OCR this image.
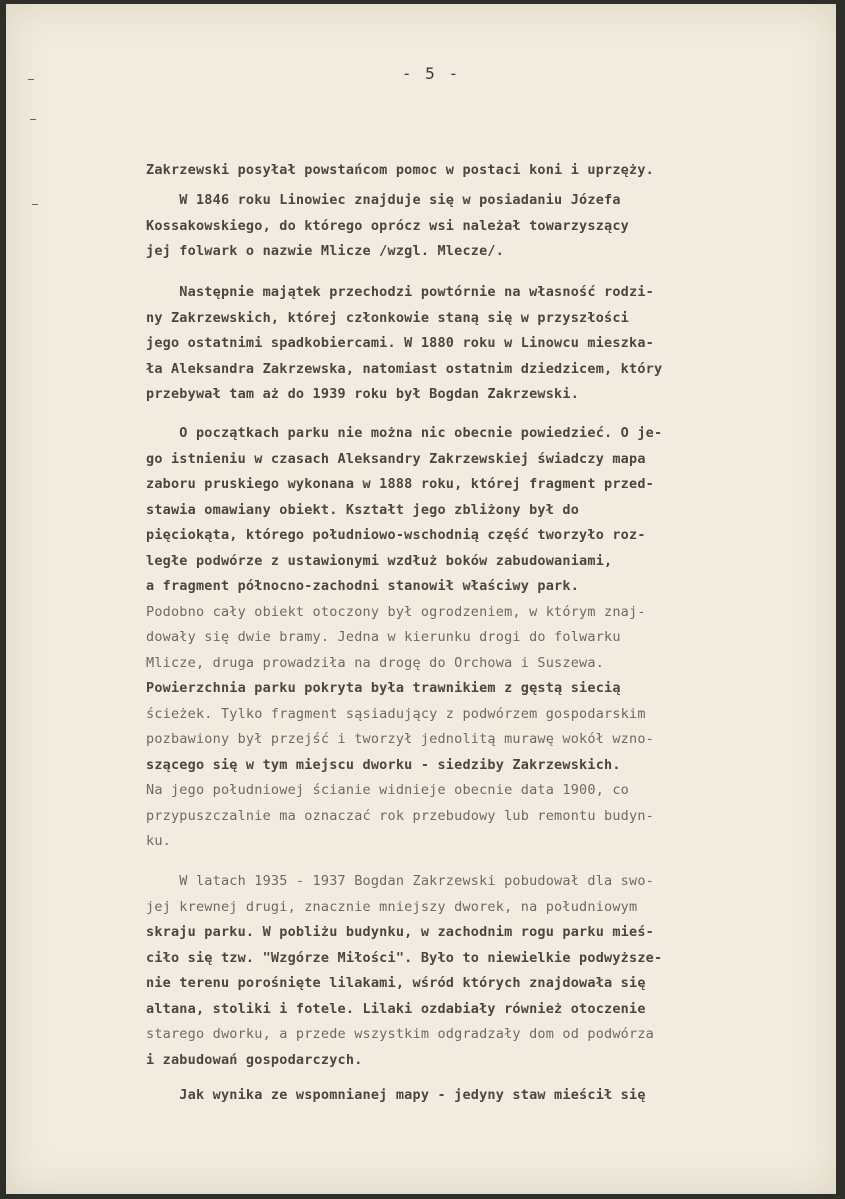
- 5 -
Zakrzewski posyłał powstańcom pomoc w postaci koni i uprzęży.
W 1846 roku Linowiec znajduje się w posiadaniu Józefa
Kossakowskiego, do którego oprócz wsi należał towarzyszący
jej folwark o nazwie Mlicze /wzgl. Mlecze/.
Następnie majątek przechodzi powtórnie na własność rodzi-
ny Zakrzewskich, której członkowie staną się w przyszłości
jego ostatnimi spadkobiercami. W 1880 roku w Linowcu mieszka-
ła Aleksandra Zakrzewska, natomiast ostatnim dziedzicem, który
przebywał tam aż do 1939 roku był Bogdan Zakrzewski.
O początkach parku nie można nic obecnie powiedzieć. O je-
go istnieniu w czasach Aleksandry Zakrzewskiej świadczy mapa
zaboru pruskiego wykonana w 1888 roku, której fragment przed-
stawia omawiany obiekt. Kształt jego zbliżony był do
pięciokąta, którego południowo-wschodnią część tworzyło roz-
ległe podwórze z ustawionymi wzdłuż boków zabudowaniami,
a fragment północno-zachodni stanowił właściwy park.
Podobno cały obiekt otoczony był ogrodzeniem, w którym znaj-
dowały się dwie bramy. Jedna w kierunku drogi do folwarku
Mlicze, druga prowadziła na drogę do Orchowa i Suszewa.
Powierzchnia parku pokryta była trawnikiem z gęstą siecią
ścieżek. Tylko fragment sąsiadujący z podwórzem gospodarskim
pozbawiony był przejść i tworzył jednolitą murawę wokół wzno-
szącego się w tym miejscu dworku - siedziby Zakrzewskich.
Na jego południowej ścianie widnieje obecnie data 1900, co
przypuszczalnie ma oznaczać rok przebudowy lub remontu budyn-
ku.
W latach 1935 - 1937 Bogdan Zakrzewski pobudował dla swo-
jej krewnej drugi, znacznie mniejszy dworek, na południowym
skraju parku. W pobliżu budynku, w zachodnim rogu parku mieś-
ciło się tzw. "Wzgórze Miłości". Było to niewielkie podwyższe-
nie terenu porośnięte lilakami, wśród których znajdowała się
altana, stoliki i fotele. Lilaki ozdabiały również otoczenie
starego dworku, a przede wszystkim odgradzały dom od podwórza
i zabudowań gospodarczych.
Jak wynika ze wspomnianej mapy - jedyny staw mieścił się
